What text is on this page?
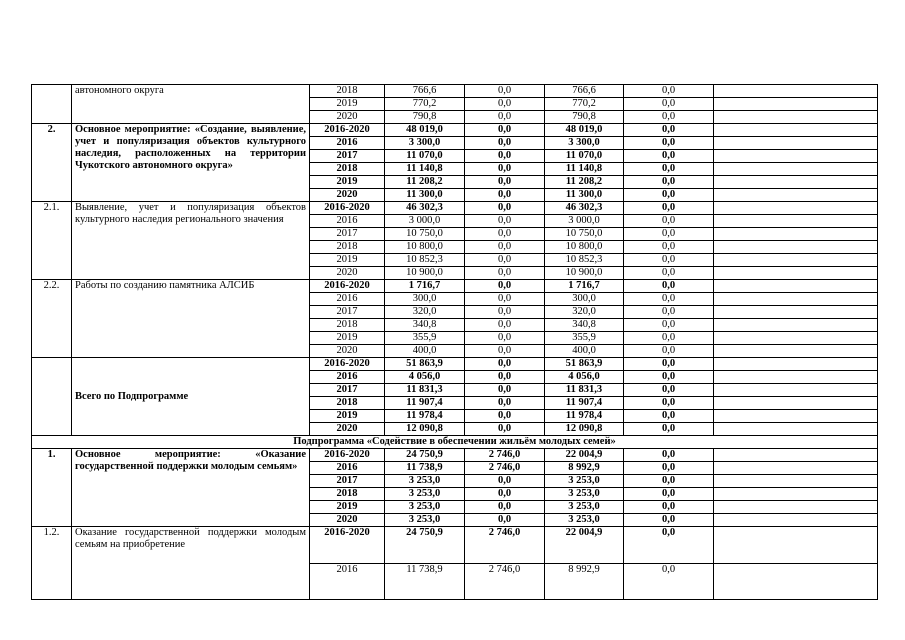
	автономного округа	2018	766,6	0,0	766,6	0,0		
		2019	770,2	0,0	770,2	0,0		
		2020	790,8	0,0	790,8	0,0		
2.	Основное мероприятие: «Создание, выявление, учет и популяризация объектов культурного наследия, расположенных на территории Чукотского автономного округа»	2016-2020	48 019,0	0,0	48 019,0	0,0		
		2016	3 300,0	0,0	3 300,0	0,0		
		2017	11 070,0	0,0	11 070,0	0,0		
		2018	11 140,8	0,0	11 140,8	0,0		
		2019	11 208,2	0,0	11 208,2	0,0		
		2020	11 300,0	0,0	11 300,0	0,0		
2.1.	Выявление, учет и популяризация объектов культурного наследия регионального значения	2016-2020	46 302,3	0,0	46 302,3	0,0		
		2016	3 000,0	0,0	3 000,0	0,0		
		2017	10 750,0	0,0	10 750,0	0,0		
		2018	10 800,0	0,0	10 800,0	0,0		
		2019	10 852,3	0,0	10 852,3	0,0		
		2020	10 900,0	0,0	10 900,0	0,0		
2.2.	Работы по созданию памятника АЛСИБ	2016-2020	1 716,7	0,0	1 716,7	0,0		
		2016	300,0	0,0	300,0	0,0		
		2017	320,0	0,0	320,0	0,0		
		2018	340,8	0,0	340,8	0,0		
		2019	355,9	0,0	355,9	0,0		
		2020	400,0	0,0	400,0	0,0		
	Всего по Подпрограмме	2016-2020	51 863,9	0,0	51 863,9	0,0		
		2016	4 056,0	0,0	4 056,0	0,0		
		2017	11 831,3	0,0	11 831,3	0,0		
		2018	11 907,4	0,0	11 907,4	0,0		
		2019	11 978,4	0,0	11 978,4	0,0		
		2020	12 090,8	0,0	12 090,8	0,0		
Подпрограмма «Содействие в обеспечении жильём молодых семей»								
1.	Основное мероприятие: «Оказание государственной поддержки молодым семьям»	2016-2020	24 750,9	2 746,0	22 004,9	0,0		
		2016	11 738,9	2 746,0	8 992,9	0,0		
		2017	3 253,0	0,0	3 253,0	0,0		
		2018	3 253,0	0,0	3 253,0	0,0		
		2019	3 253,0	0,0	3 253,0	0,0		
		2020	3 253,0	0,0	3 253,0	0,0		
1.2.	Оказание государственной поддержки молодым семьям на приобретение	2016-2020	24 750,9	2 746,0	22 004,9	0,0		
		2016	11 738,9	2 746,0	8 992,9	0,0		
